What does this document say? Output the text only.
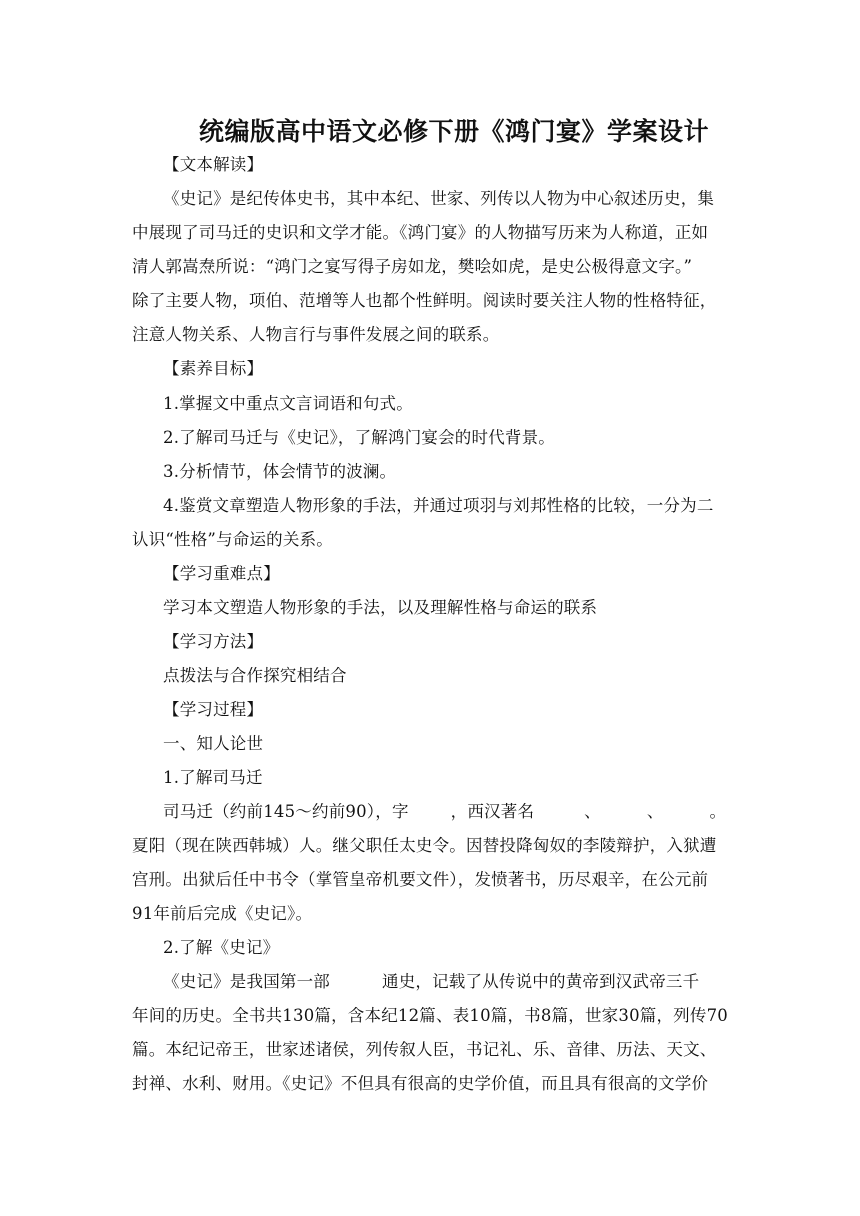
统编版高中语文必修下册《鸿门宴》学案设计
【文本解读】
《史记》是纪传体史书，其中本纪、世家、列传以人物为中心叙述历史，集
中展现了司马迁的史识和文学才能。《鸿门宴》的人物描写历来为人称道，正如
清人郭嵩焘所说：“鸿门之宴写得子房如龙，樊哙如虎，是史公极得意文字。”
除了主要人物，项伯、范增等人也都个性鲜明。阅读时要关注人物的性格特征，
注意人物关系、人物言行与事件发展之间的联系。
【素养目标】
1.掌握文中重点文言词语和句式。
2.了解司马迁与《史记》，了解鸿门宴会的时代背景。
3.分析情节，体会情节的波澜。
4.鉴赏文章塑造人物形象的手法，并通过项羽与刘邦性格的比较，一分为二
认识“性格”与命运的关系。
【学习重难点】
学习本文塑造人物形象的手法，以及理解性格与命运的联系
【学习方法】
点拨法与合作探究相结合
【学习过程】
一、知人论世
1.了解司马迁
司马迁（约前145～约前90），字	，西汉著名	、	、	。
夏阳（现在陕西韩城）人。继父职任太史令。因替投降匈奴的李陵辩护，入狱遭
宫刑。出狱后任中书令（掌管皇帝机要文件），发愤著书，历尽艰辛，在公元前
91年前后完成《史记》。
2.了解《史记》
《史记》是我国第一部	通史，记载了从传说中的黄帝到汉武帝三千
年间的历史。全书共130篇，含本纪12篇、表10篇，书8篇，世家30篇，列传70
篇。本纪记帝王，世家述诸侯，列传叙人臣，书记礼、乐、音律、历法、天文、
封禅、水利、财用。《史记》不但具有很高的史学价值，而且具有很高的文学价
